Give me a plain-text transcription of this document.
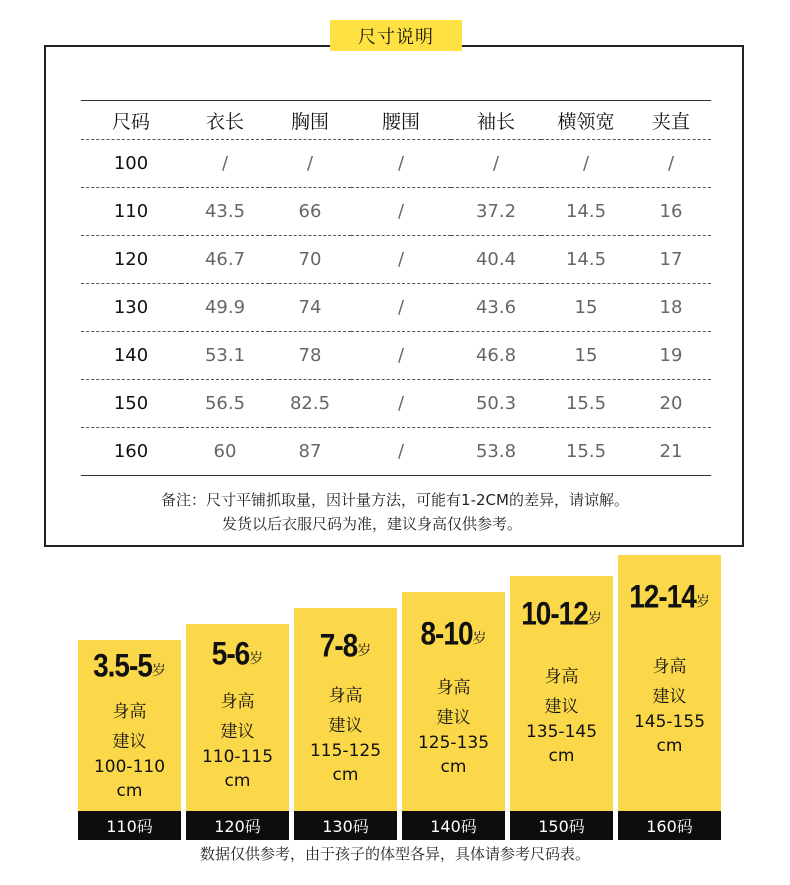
尺寸说明
尺码	衣长	胸围	腰围	袖长	横领宽	夹直
100	/	/	/	/	/	/
110	43.5	66	/	37.2	14.5	16
120	46.7	70	/	40.4	14.5	17
130	49.9	74	/	43.6	15	18
140	53.1	78	/	46.8	15	19
150	56.5	82.5	/	50.3	15.5	20
160	60	87	/	53.8	15.5	21
备注：尺寸平铺抓取量，因计量方法，可能有1-2CM的差异，请谅解。
发货以后衣服尺码为准，建议身高仅供参考。
3.5-5岁
身高
建议
100-110
cm
110码
5-6岁
身高
建议
110-115
cm
120码
7-8岁
身高
建议
115-125
cm
130码
8-10岁
身高
建议
125-135
cm
140码
10-12岁
身高
建议
135-145
cm
150码
12-14岁
身高
建议
145-155
cm
160码
数据仅供参考，由于孩子的体型各异，具体请参考尺码表。
